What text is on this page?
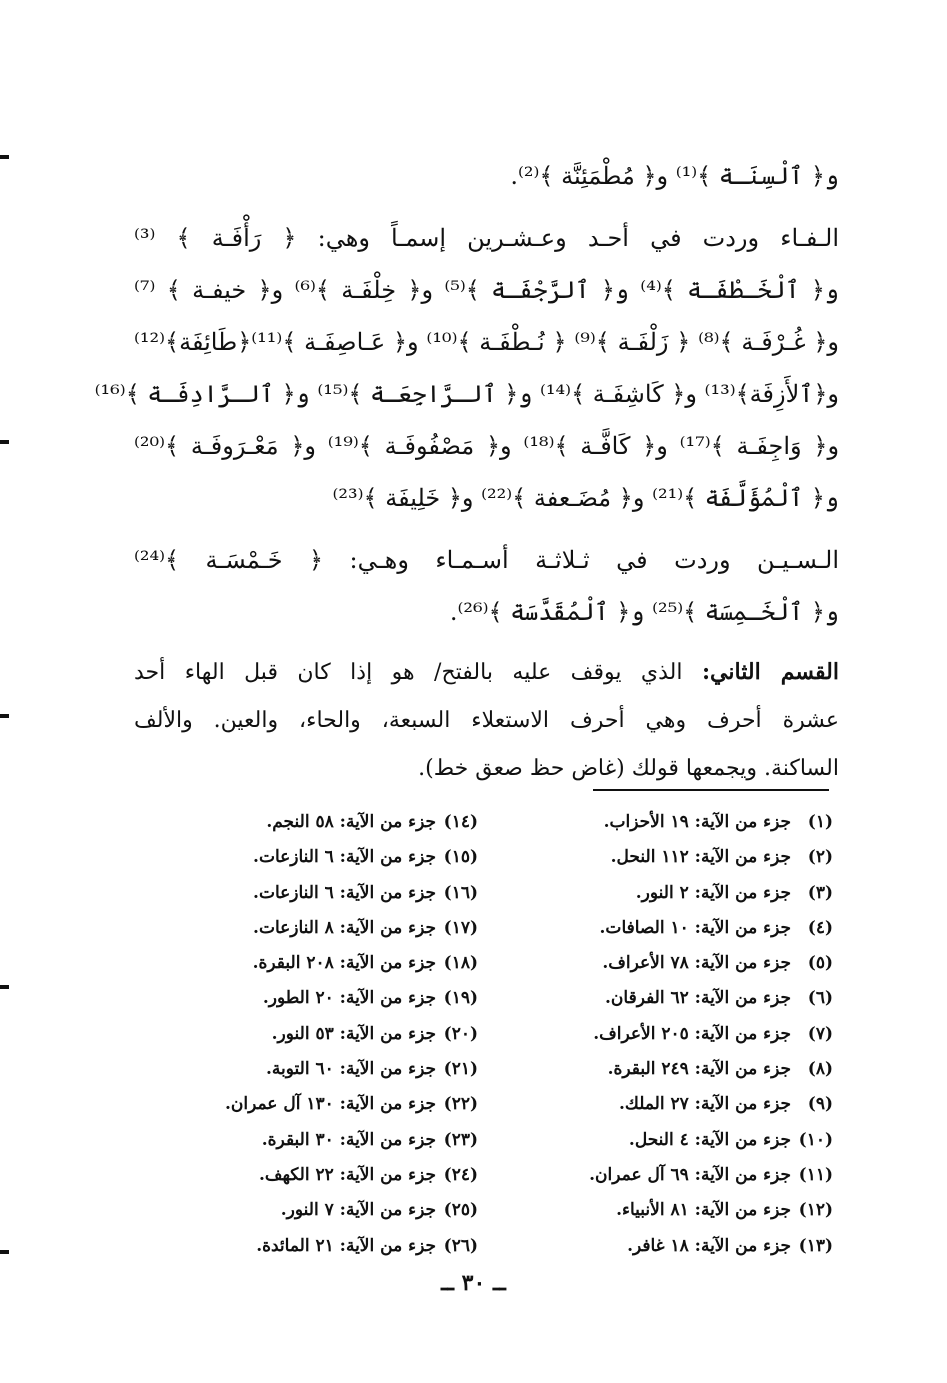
و﴿ ٱلْسِنَـة ﴾⁽¹⁾ و﴿ مُطْمَئِنَّة ﴾⁽²⁾.
الـفـاء وردت في أحـد وعـشـرين إسمـاً وهي: ﴿ رَأْفَـة ﴾ ⁽³⁾
و﴿ ٱلْخَـطْفَـة ﴾⁽⁴⁾ و﴿ ٱلرَّجْفَـة ﴾⁽⁵⁾ و﴿ خِلْفَـة ﴾⁽⁶⁾ و﴿ خيفـة ﴾ ⁽⁷⁾
و﴿ غُـرْفَـة ﴾⁽⁸⁾ ﴿ زَلْفَـة ﴾⁽⁹⁾ ﴿ نُـطْفَـة ﴾⁽¹⁰⁾ و﴿ عَـاصِفَـة ﴾⁽¹¹⁾﴿طَائِفَة﴾⁽¹²⁾
و﴿ٱلأَزِفَة﴾⁽¹³⁾ و﴿ كَاشِفَـة ﴾⁽¹⁴⁾ و﴿ ٱلـرَّاجِعَـة ﴾⁽¹⁵⁾ و﴿ ٱلـرَّادِفَـة ﴾⁽¹⁶⁾
و﴿ وَاجِفَـة ﴾⁽¹⁷⁾ و﴿ كَافَّـة ﴾⁽¹⁸⁾ و﴿ مَصْفُوفَـة ﴾⁽¹⁹⁾ و﴿ مَعْـرَوفَـة ﴾⁽²⁰⁾
و﴿ ٱلْمُؤَلَّفَة ﴾⁽²¹⁾ و﴿ مُضَـعفة ﴾⁽²²⁾ و﴿ خَلِيفَة ﴾⁽²³⁾
الـسـيـن وردت في ثـلاثـة أسـمـاء وهـي: ﴿ خَـمْسَـة ﴾⁽²⁴⁾
و﴿ ٱلْخَـمِسَة ﴾⁽²⁵⁾ و﴿ ٱلْمُقَدَّسَة ﴾⁽²⁶⁾.
القسم الثاني: الذي يوقف عليه بالفتح/ هو إذا كان قبل الهاء أحد
عشرة أحرف وهي أحرف الاستعلاء السبعة، والحاء، والعين. والألف
الساكنة. ويجمعها قولك (غاض حظ صعق خط).
(١)جزء من الآية: ١٩ الأحزاب.
(٢)جزء من الآية: ١١٢ النحل.
(٣)جزء من الآية: ٢ النور.
(٤)جزء من الآية: ١٠ الصافات.
(٥)جزء من الآية: ٧٨ الأعراف.
(٦)جزء من الآية: ٦٢ الفرقان.
(٧)جزء من الآية: ٢٠٥ الأعراف.
(٨)جزء من الآية: ٢٤٩ البقرة.
(٩)جزء من الآية: ٢٧ الملك.
(١٠)جزء من الآية: ٤ النحل.
(١١)جزء من الآية: ٦٩ آل عمران.
(١٢)جزء من الآية: ٨١ الأنبياء.
(١٣)جزء من الآية: ١٨ غافر.
(١٤)جزء من الآية: ٥٨ النجم.
(١٥)جزء من الآية: ٦ النازعات.
(١٦)جزء من الآية: ٦ النازعات.
(١٧)جزء من الآية: ٨ النازعات.
(١٨)جزء من الآية: ٢٠٨ البقرة.
(١٩)جزء من الآية: ٢٠ الطور.
(٢٠)جزء من الآية: ٥٣ النور.
(٢١)جزء من الآية: ٦٠ التوبة.
(٢٢)جزء من الآية: ١٣٠ آل عمران.
(٢٣)جزء من الآية: ٣٠ البقرة.
(٢٤)جزء من الآية: ٢٢ الكهف.
(٢٥)جزء من الآية: ٧ النور.
(٢٦)جزء من الآية: ٢١ المائدة.
ــ ٣٠ ــ
